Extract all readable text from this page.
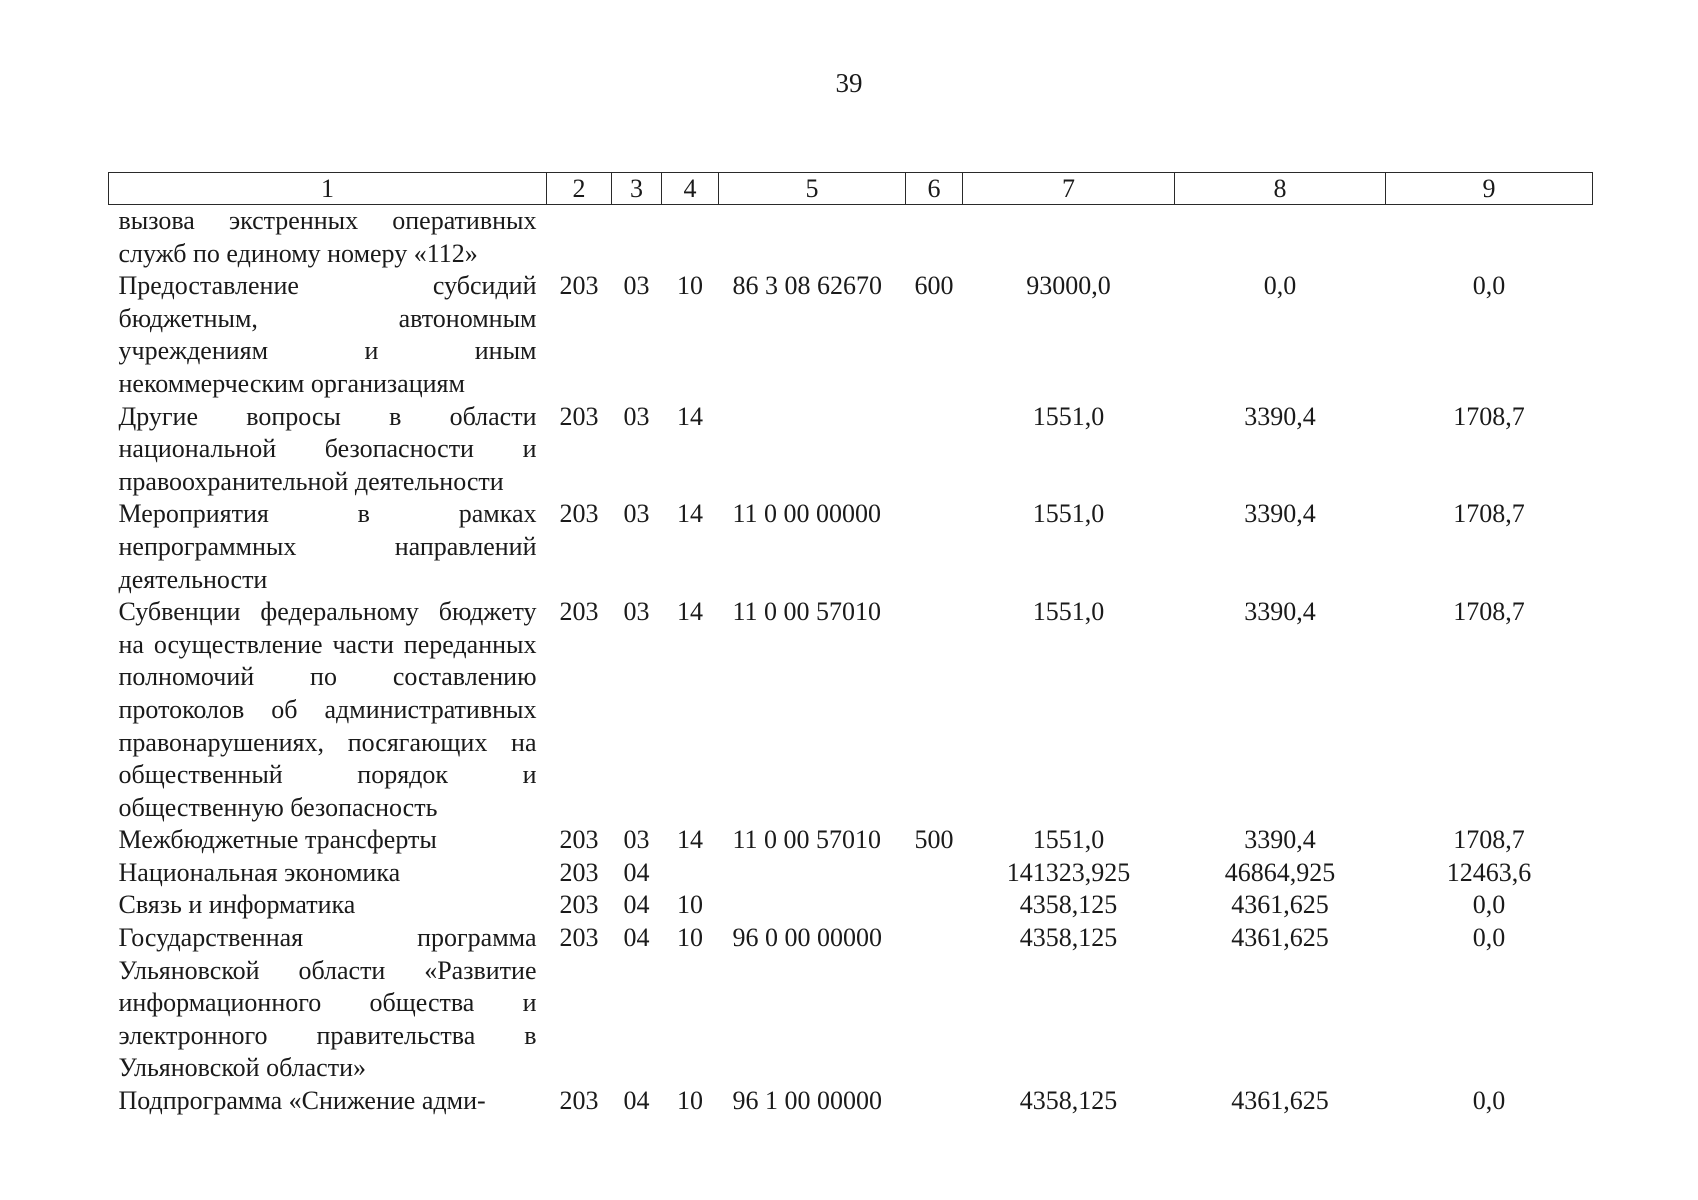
39
1	2	3	4	5	6	7	8	9
вызова экстренных оперативных служб по единому номеру «112»								
Предоставление субсидий бюджетным, автономным учреждениям и иным некоммерческим организациям	203	03	10	86 3 08 62670	600	93000,0	0,0	0,0
Другие вопросы в области национальной безопасности и правоохранительной деятельности	203	03	14			1551,0	3390,4	1708,7
Мероприятия в рамках непрограммных направлений деятельности	203	03	14	11 0 00 00000		1551,0	3390,4	1708,7
Субвенции федеральному бюджету на осуществление части переданных полномочий по составлению протоколов об административных правонарушениях, посягающих на общественный порядок и общественную безопасность	203	03	14	11 0 00 57010		1551,0	3390,4	1708,7
Межбюджетные трансферты	203	03	14	11 0 00 57010	500	1551,0	3390,4	1708,7
Национальная экономика	203	04				141323,925	46864,925	12463,6
Связь и информатика	203	04	10			4358,125	4361,625	0,0
Государственная программа Ульяновской области «Развитие информационного общества и электронного правительства в Ульяновской области»	203	04	10	96 0 00 00000		4358,125	4361,625	0,0
Подпрограмма «Снижение адми-	203	04	10	96 1 00 00000		4358,125	4361,625	0,0
